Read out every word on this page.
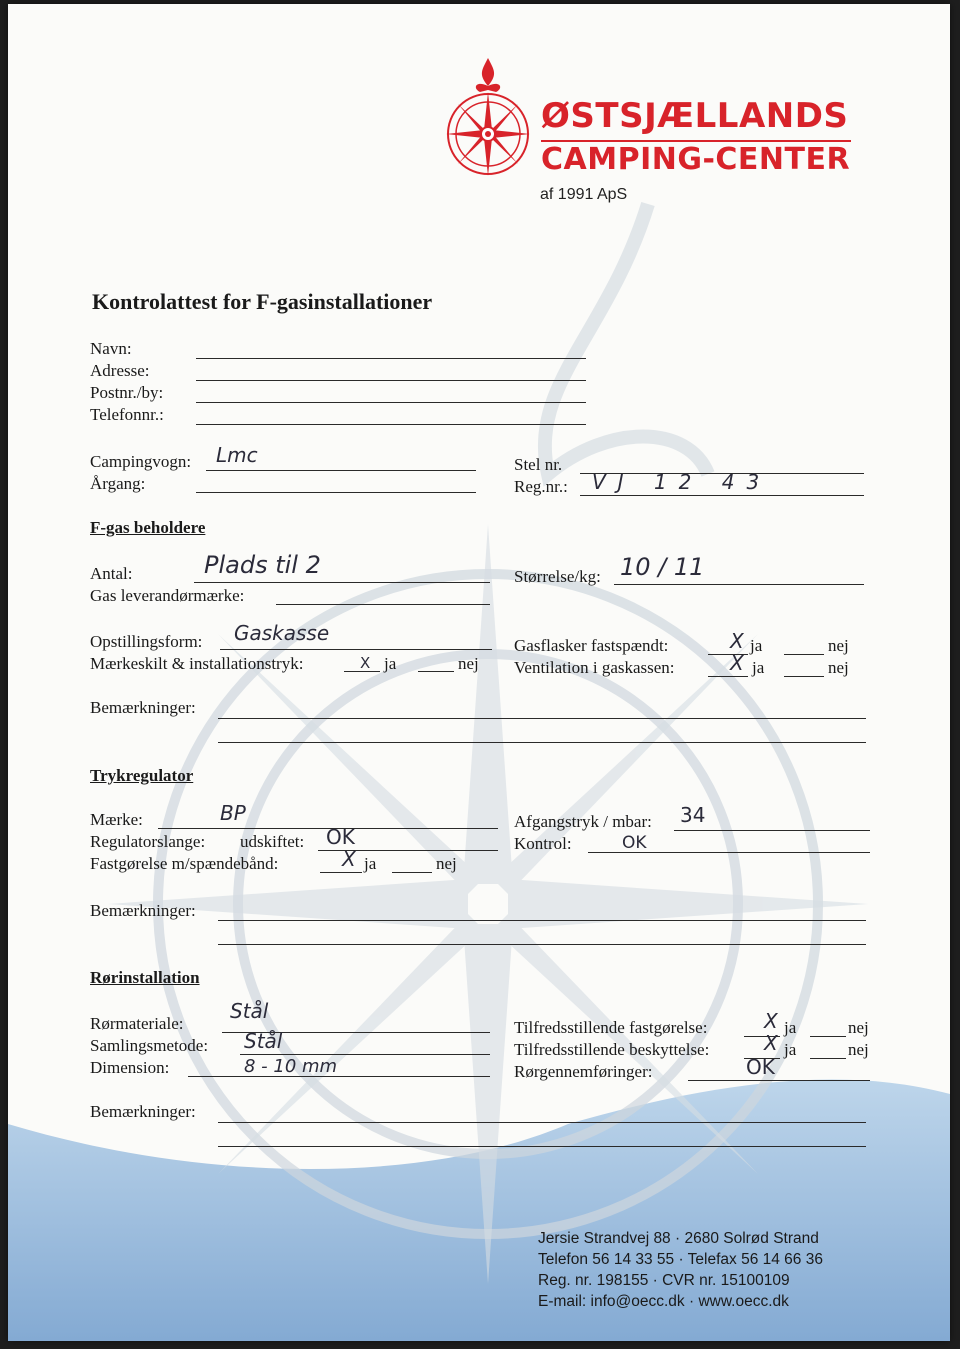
ØSTSJÆLLANDS
CAMPING-CENTER
af 1991 ApS
Kontrolattest for F-gasinstallationer
Navn:
Adresse:
Postnr./by:
Telefonnr.:
Campingvogn: Lmc
Årgang:
Stel nr.
Reg.nr.: VJ 12 43
F-gas beholdere
Antal:	Plads til 2
Gas leverandørmærke:
Størrelse/kg: 10 / 11
Opstillingsform: Gaskasse
Mærkeskilt & installationstryk:	X ja	nej
Gasflasker fastspændt:	X ja	nej
Ventilation i gaskassen:	X ja	nej
Bemærkninger:
Trykregulator
Mærke:	BP
Regulatorslange: udskiftet: OK
Fastgørelse m/spændebånd:	X ja	nej
Afgangstryk / mbar: 34
Kontrol:	OK
Bemærkninger:
Rørinstallation
Rørmateriale:
Stål
Samlingsmetode: Stål
Dimension:	8 - 10 mm
Tilfredsstillende fastgørelse:	X ja	nej
Tilfredsstillende beskyttelse:	X ja	nej
Rørgennemføringer:	OK
Bemærkninger:
Jersie Strandvej 88 · 2680 Solrød Strand
Telefon 56 14 33 55 · Telefax 56 14 66 36
Reg. nr. 198155 · CVR nr. 15100109
E-mail: info@oecc.dk · www.oecc.dk
